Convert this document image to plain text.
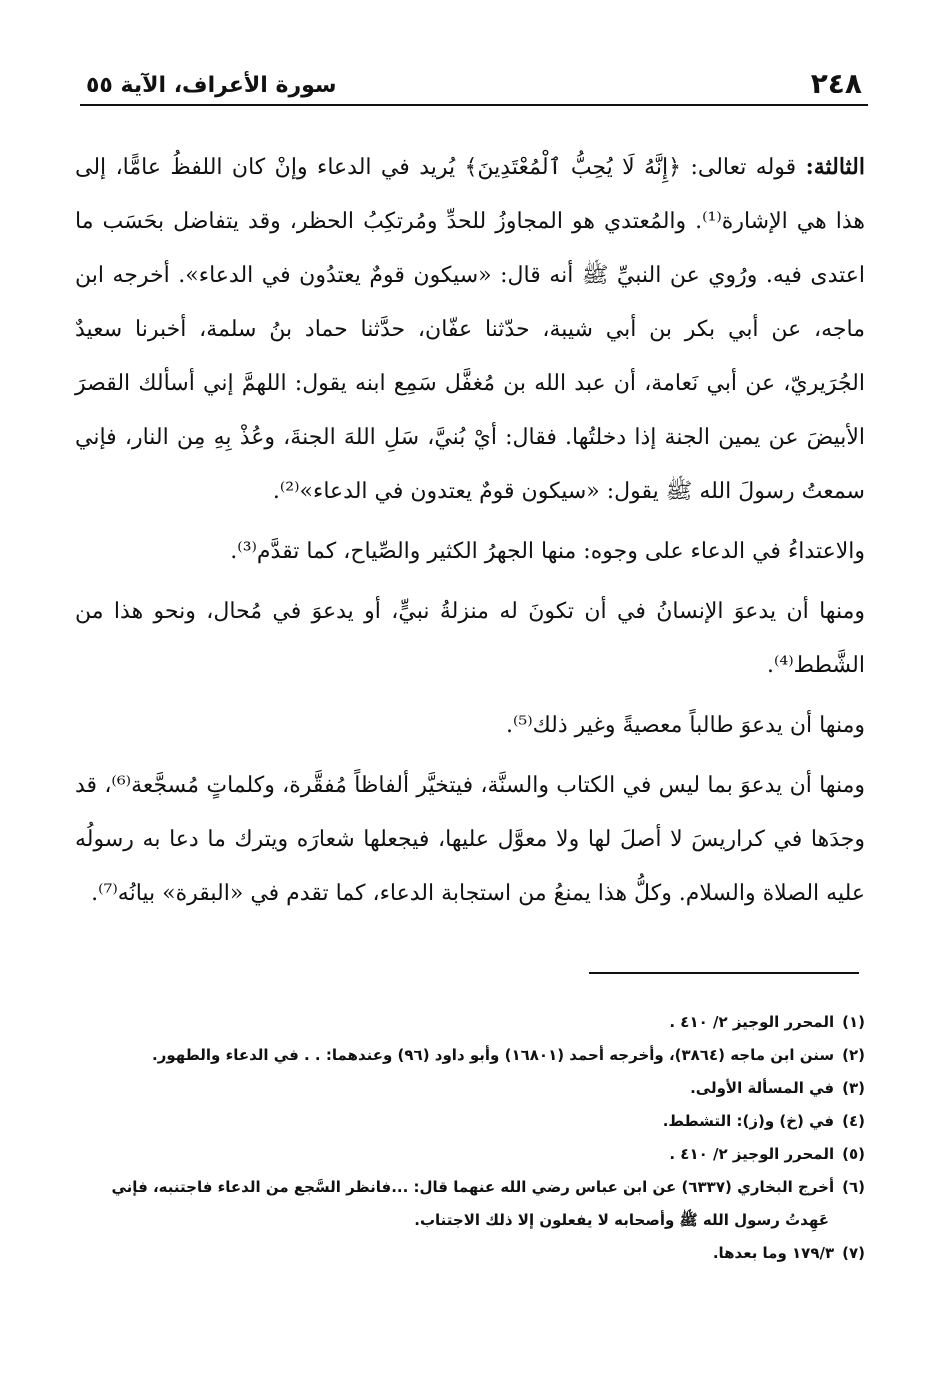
٢٤٨
سورة الأعراف، الآية ٥٥

الثالثة: قوله تعالى: ﴿إِنَّهُ لَا يُحِبُّ ٱلْمُعْتَدِينَ﴾ يُريد في الدعاء وإنْ كان اللفظُ عامًّا، إلى هذا هي الإشارة⁽¹⁾. والمُعتدي هو المجاوزُ للحدِّ ومُرتكِبُ الحظر، وقد يتفاضل بحَسَب ما اعتدى فيه. ورُوي عن النبيِّ ﷺ أنه قال: «سيكون قومٌ يعتدُون في الدعاء». أخرجه ابن ماجه، عن أبي بكر بن أبي شيبة، حدّثنا عفّان، حدَّثنا حماد بنُ سلمة، أخبرنا سعيدٌ الجُرَيريّ، عن أبي نَعامة، أن عبد الله بن مُغفَّل سَمِع ابنه يقول: اللهمَّ إني أسألك القصرَ الأبيضَ عن يمين الجنة إذا دخلتُها. فقال: أيْ بُنيَّ، سَلِ اللهَ الجنةَ، وعُذْ بِهِ مِن النار، فإني سمعتُ رسولَ الله ﷺ يقول: «سيكون قومٌ يعتدون في الدعاء»⁽²⁾.

والاعتداءُ في الدعاء على وجوه: منها الجهرُ الكثير والصِّياح، كما تقدَّم⁽³⁾.

ومنها أن يدعوَ الإنسانُ في أن تكونَ له منزلةُ نبيٍّ، أو يدعوَ في مُحال، ونحو هذا من الشَّطط⁽⁴⁾.

ومنها أن يدعوَ طالباً معصيةً وغير ذلك⁽⁵⁾.

ومنها أن يدعوَ بما ليس في الكتاب والسنَّة، فيتخيَّر ألفاظاً مُفقَّرة، وكلماتٍ مُسجَّعة⁽⁶⁾، قد وجدَها في كراريسَ لا أصلَ لها ولا معوَّل عليها، فيجعلها شعارَه ويترك ما دعا به رسولُه عليه الصلاة والسلام. وكلُّ هذا يمنعُ من استجابة الدعاء، كما تقدم في «البقرة» بيانُه⁽⁷⁾.

(١)المحرر الوجيز ٢/ ٤١٠ .

(٢)سنن ابن ماجه (٣٨٦٤)، وأخرجه أحمد (١٦٨٠١) وأبو داود (٩٦) وعندهما: . . في الدعاء والطهور.

(٣)في المسألة الأولى.

(٤)في (خ) و(ز): التشطط.

(٥)المحرر الوجيز ٢/ ٤١٠ .

(٦)أخرج البخاري (٦٣٣٧) عن ابن عباس رضي الله عنهما قال: ...فانظر السَّجع من الدعاء فاجتنبه، فإني

عَهِدتُ رسول الله ﷺ وأصحابه لا يفعلون إلا ذلك الاجتناب.

(٧)١٧٩/٣ وما بعدها.
